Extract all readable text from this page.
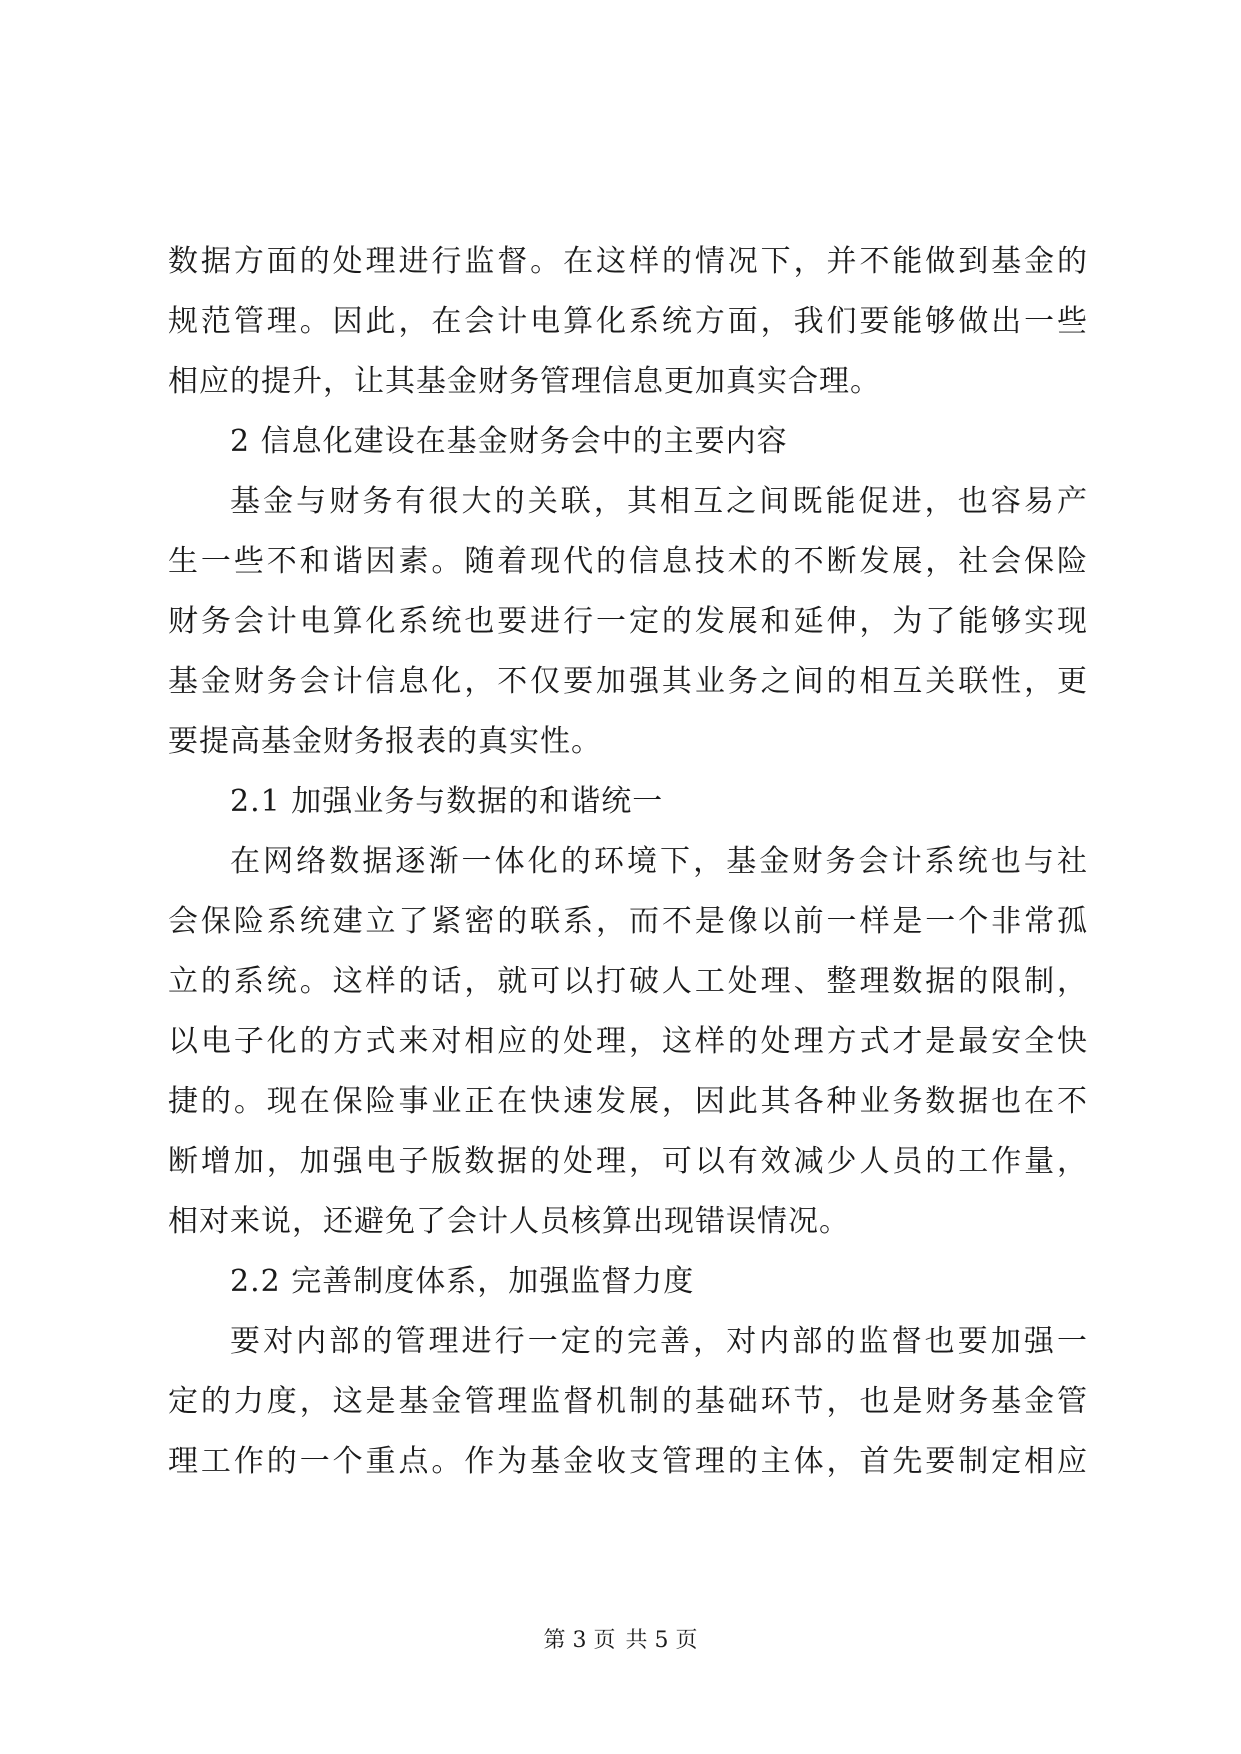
数据方面的处理进行监督。在这样的情况下，并不能做到基金的

规范管理。因此，在会计电算化系统方面，我们要能够做出一些

相应的提升，让其基金财务管理信息更加真实合理。

2 信息化建设在基金财务会中的主要内容

基金与财务有很大的关联，其相互之间既能促进，也容易产

生一些不和谐因素。随着现代的信息技术的不断发展，社会保险

财务会计电算化系统也要进行一定的发展和延伸，为了能够实现

基金财务会计信息化，不仅要加强其业务之间的相互关联性，更

要提高基金财务报表的真实性。

2.1 加强业务与数据的和谐统一

在网络数据逐渐一体化的环境下，基金财务会计系统也与社

会保险系统建立了紧密的联系，而不是像以前一样是一个非常孤

立的系统。这样的话，就可以打破人工处理、整理数据的限制，

以电子化的方式来对相应的处理，这样的处理方式才是最安全快

捷的。现在保险事业正在快速发展，因此其各种业务数据也在不

断增加，加强电子版数据的处理，可以有效减少人员的工作量，

相对来说，还避免了会计人员核算出现错误情况。

2.2 完善制度体系，加强监督力度

要对内部的管理进行一定的完善，对内部的监督也要加强一

定的力度，这是基金管理监督机制的基础环节，也是财务基金管

理工作的一个重点。作为基金收支管理的主体，首先要制定相应

第 3 页 共 5 页
